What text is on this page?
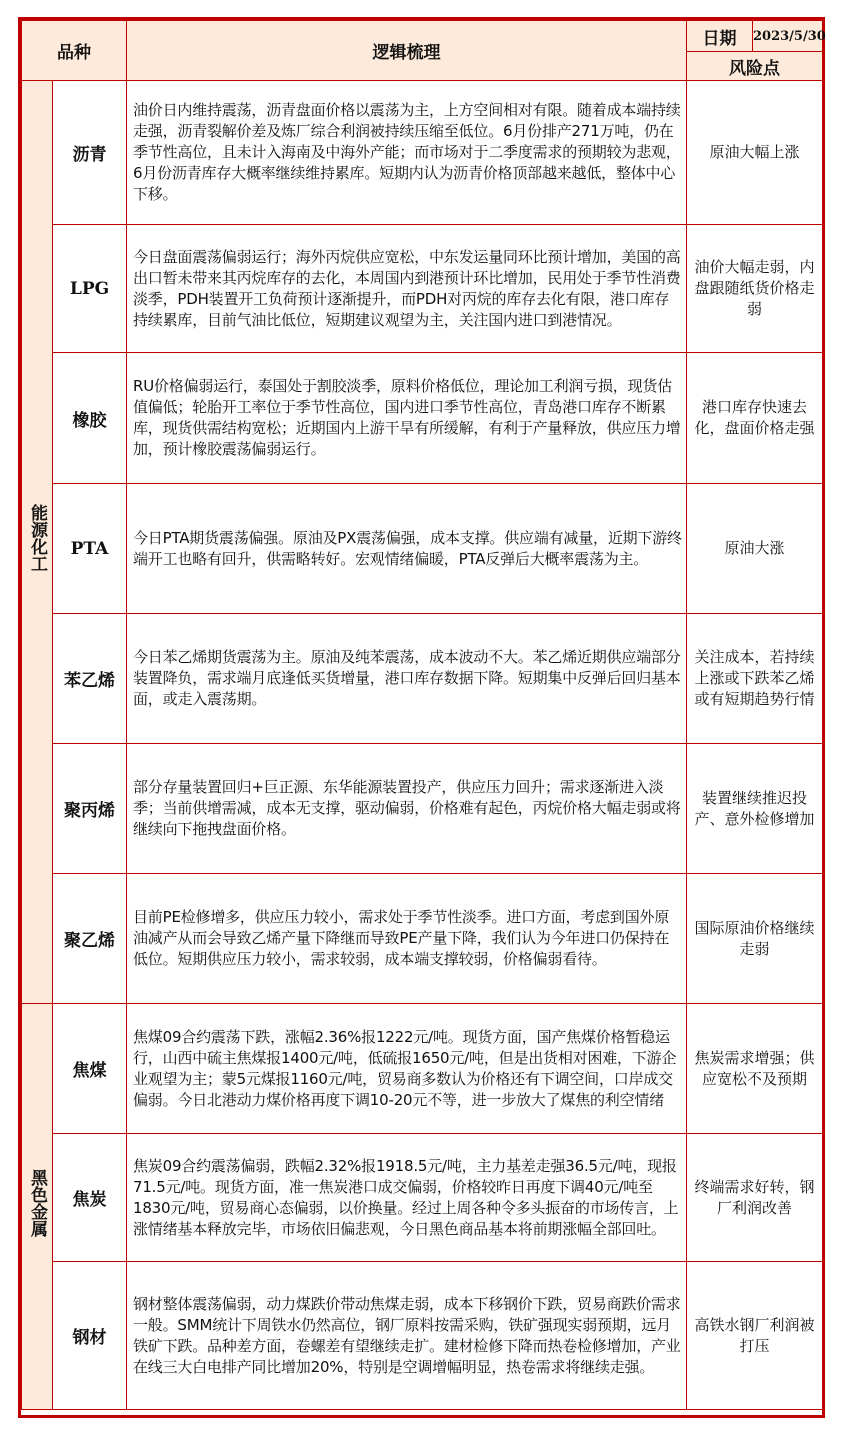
品种		逻辑梳理	日期	2023/5/30
			风险点	
能源化工	沥青	油价日内维持震荡，沥青盘面价格以震荡为主，上方空间相对有限。随着成本端持续走强，沥青裂解价差及炼厂综合利润被持续压缩至低位。6月份排产271万吨，仍在季节性高位，且未计入海南及中海外产能；而市场对于二季度需求的预期较为悲观，6月份沥青库存大概率继续维持累库。短期内认为沥青价格顶部越来越低，整体中心下移。	原油大幅上涨	
	LPG	今日盘面震荡偏弱运行；海外丙烷供应宽松，中东发运量同环比预计增加，美国的高出口暂未带来其丙烷库存的去化，本周国内到港预计环比增加，民用处于季节性消费淡季，PDH装置开工负荷预计逐渐提升，而PDH对丙烷的库存去化有限，港口库存持续累库，目前气油比低位，短期建议观望为主，关注国内进口到港情况。	油价大幅走弱，内盘跟随纸货价格走弱	
	橡胶	RU价格偏弱运行，泰国处于割胶淡季，原料价格低位，理论加工利润亏损，现货估值偏低；轮胎开工率位于季节性高位，国内进口季节性高位，青岛港口库存不断累库，现货供需结构宽松；近期国内上游干旱有所缓解，有利于产量释放，供应压力增加，预计橡胶震荡偏弱运行。	港口库存快速去化，盘面价格走强	
	PTA	今日PTA期货震荡偏强。原油及PX震荡偏强，成本支撑。供应端有减量，近期下游终端开工也略有回升，供需略转好。宏观情绪偏暖，PTA反弹后大概率震荡为主。	原油大涨	
	苯乙烯	今日苯乙烯期货震荡为主。原油及纯苯震荡，成本波动不大。苯乙烯近期供应端部分装置降负，需求端月底逢低买货增量，港口库存数据下降。短期集中反弹后回归基本面，或走入震荡期。	关注成本，若持续上涨或下跌苯乙烯或有短期趋势行情	
	聚丙烯	部分存量装置回归+巨正源、东华能源装置投产，供应压力回升；需求逐渐进入淡季；当前供增需减，成本无支撑，驱动偏弱，价格难有起色，丙烷价格大幅走弱或将继续向下拖拽盘面价格。	装置继续推迟投产、意外检修增加	
	聚乙烯	目前PE检修增多，供应压力较小，需求处于季节性淡季。进口方面，考虑到国外原油减产从而会导致乙烯产量下降继而导致PE产量下降，我们认为今年进口仍保持在低位。短期供应压力较小，需求较弱，成本端支撑较弱，价格偏弱看待。	国际原油价格继续走弱	
黑色金属	焦煤	焦煤09合约震荡下跌，涨幅2.36%报1222元/吨。现货方面，国产焦煤价格暂稳运行，山西中硫主焦煤报1400元/吨，低硫报1650元/吨，但是出货相对困难，下游企业观望为主；蒙5元煤报1160元/吨，贸易商多数认为价格还有下调空间，口岸成交偏弱。今日北港动力煤价格再度下调10-20元不等，进一步放大了煤焦的利空情绪	焦炭需求增强；供应宽松不及预期	
	焦炭	焦炭09合约震荡偏弱，跌幅2.32%报1918.5元/吨，主力基差走强36.5元/吨，现报71.5元/吨。现货方面，准一焦炭港口成交偏弱，价格较昨日再度下调40元/吨至1830元/吨，贸易商心态偏弱，以价换量。经过上周各种令多头振奋的市场传言，上涨情绪基本释放完毕，市场依旧偏悲观，今日黑色商品基本将前期涨幅全部回吐。	终端需求好转，钢厂利润改善	
	钢材	钢材整体震荡偏弱，动力煤跌价带动焦煤走弱，成本下移钢价下跌，贸易商跌价需求一般。SMM统计下周铁水仍然高位，钢厂原料按需采购，铁矿强现实弱预期，远月铁矿下跌。品种差方面，卷螺差有望继续走扩。建材检修下降而热卷检修增加，产业在线三大白电排产同比增加20%，特别是空调增幅明显，热卷需求将继续走强。	高铁水钢厂利润被打压	
